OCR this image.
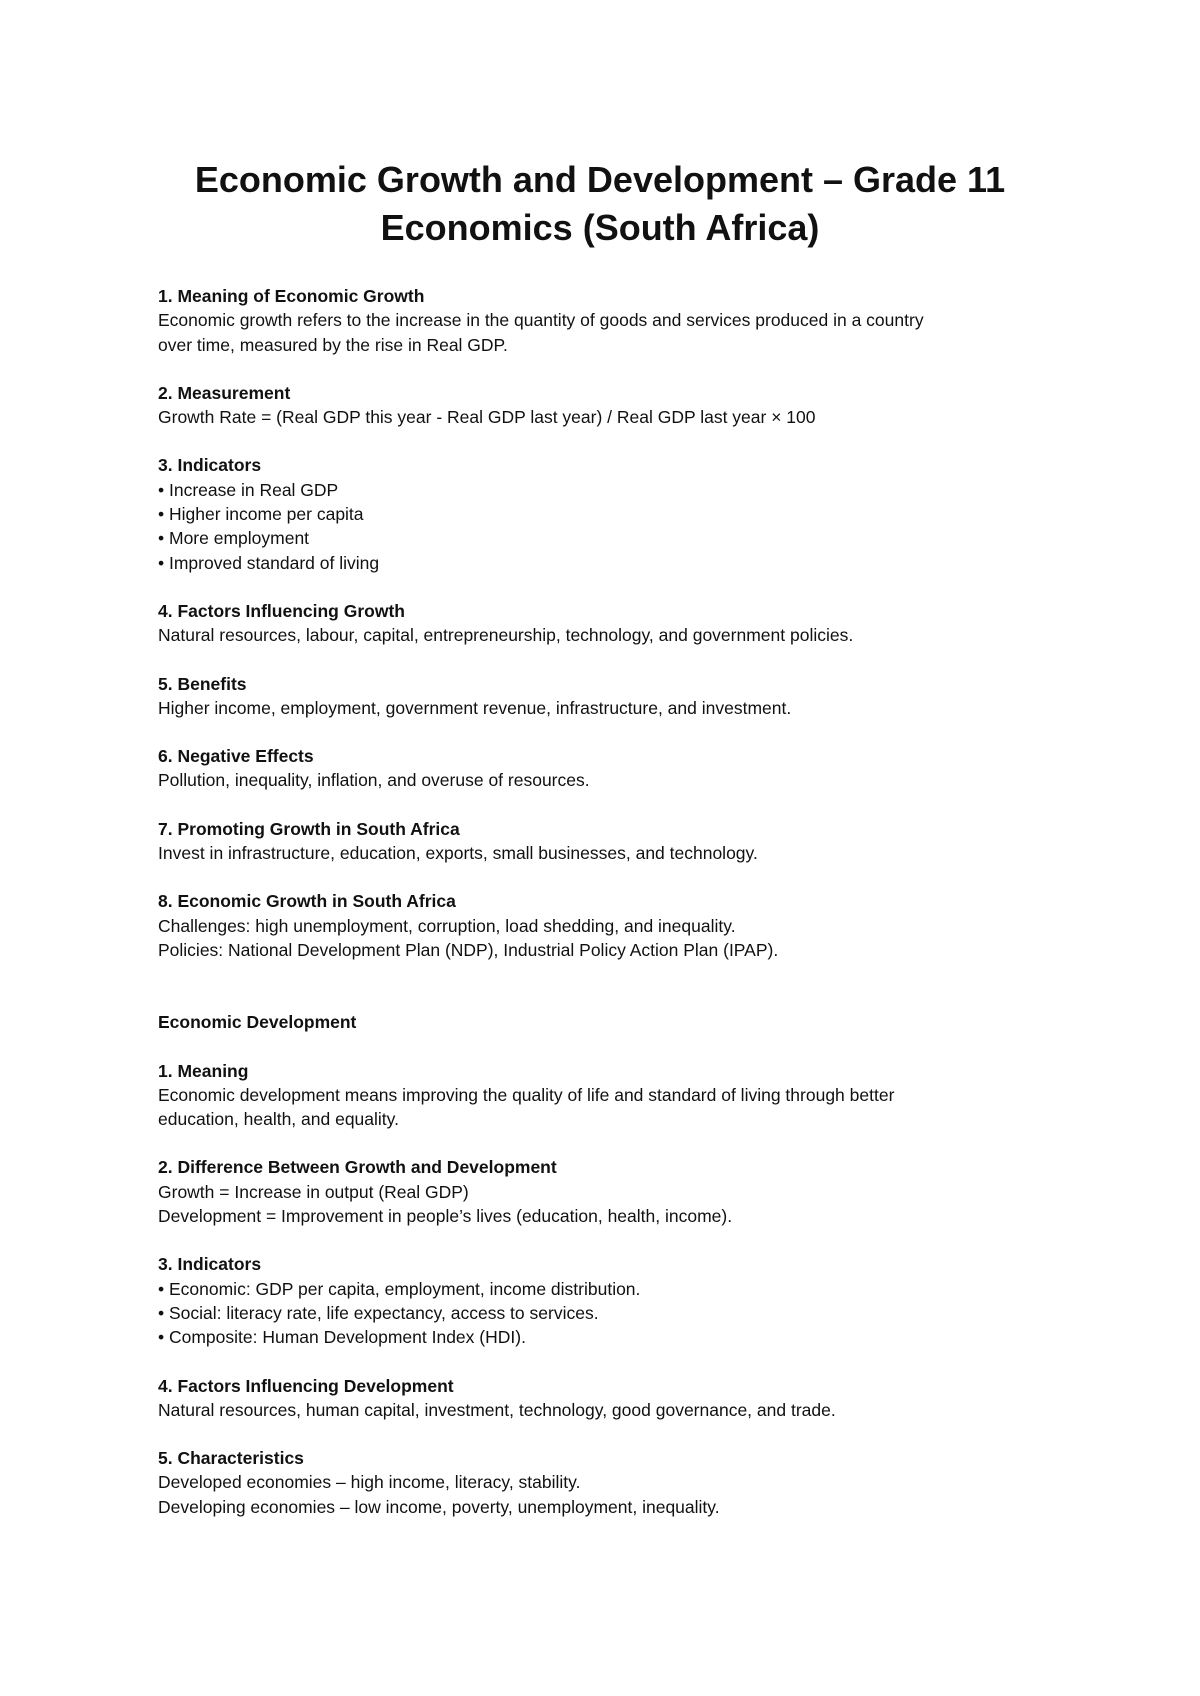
Economic Growth and Development – Grade 11
Economics (South Africa)
1. Meaning of Economic Growth
Economic growth refers to the increase in the quantity of goods and services produced in a country
over time, measured by the rise in Real GDP.
2. Measurement
Growth Rate = (Real GDP this year - Real GDP last year) / Real GDP last year × 100
3. Indicators
• Increase in Real GDP
• Higher income per capita
• More employment
• Improved standard of living
4. Factors Influencing Growth
Natural resources, labour, capital, entrepreneurship, technology, and government policies.
5. Benefits
Higher income, employment, government revenue, infrastructure, and investment.
6. Negative Effects
Pollution, inequality, inflation, and overuse of resources.
7. Promoting Growth in South Africa
Invest in infrastructure, education, exports, small businesses, and technology.
8. Economic Growth in South Africa
Challenges: high unemployment, corruption, load shedding, and inequality.
Policies: National Development Plan (NDP), Industrial Policy Action Plan (IPAP).
Economic Development
1. Meaning
Economic development means improving the quality of life and standard of living through better
education, health, and equality.
2. Difference Between Growth and Development
Growth = Increase in output (Real GDP)
Development = Improvement in people’s lives (education, health, income).
3. Indicators
• Economic: GDP per capita, employment, income distribution.
• Social: literacy rate, life expectancy, access to services.
• Composite: Human Development Index (HDI).
4. Factors Influencing Development
Natural resources, human capital, investment, technology, good governance, and trade.
5. Characteristics
Developed economies – high income, literacy, stability.
Developing economies – low income, poverty, unemployment, inequality.
